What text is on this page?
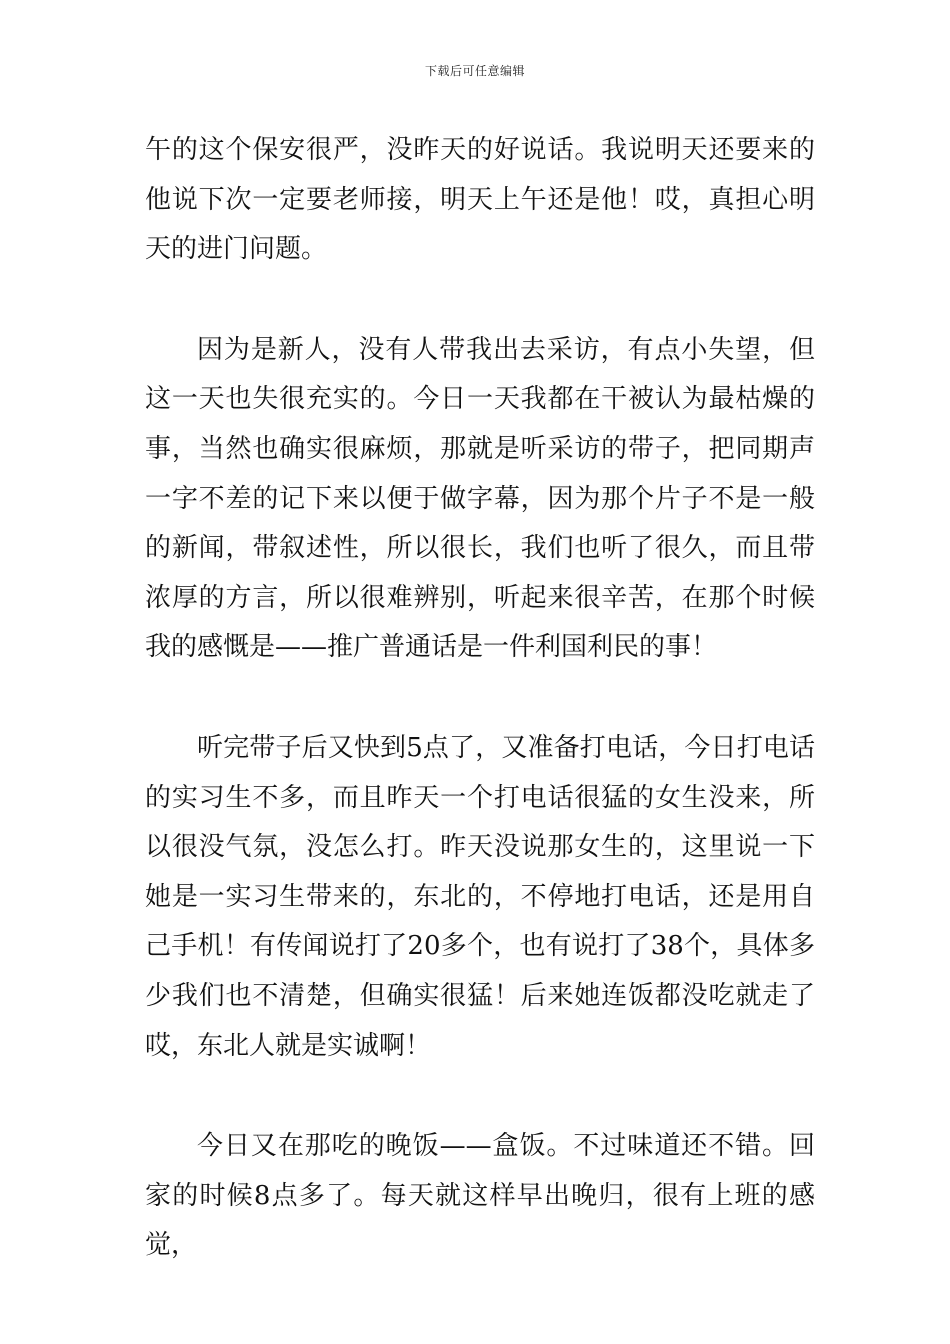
下载后可任意编辑

午的这个保安很严，没昨天的好说话。我说明天还要来的他说下次一定要老师接，明天上午还是他！哎，真担心明天的进门问题。

因为是新人，没有人带我出去采访，有点小失望，但这一天也失很充实的。今日一天我都在干被认为最枯燥的事，当然也确实很麻烦，那就是听采访的带子，把同期声一字不差的记下来以便于做字幕，因为那个片子不是一般的新闻，带叙述性，所以很长，我们也听了很久，而且带浓厚的方言，所以很难辨别，听起来很辛苦，在那个时候我的感慨是——推广普通话是一件利国利民的事！

听完带子后又快到5点了，又准备打电话，今日打电话的实习生不多，而且昨天一个打电话很猛的女生没来，所以很没气氛，没怎么打。昨天没说那女生的，这里说一下她是一实习生带来的，东北的，不停地打电话，还是用自己手机！有传闻说打了20多个，也有说打了38个，具体多少我们也不清楚，但确实很猛！后来她连饭都没吃就走了哎，东北人就是实诚啊！

今日又在那吃的晚饭——盒饭。不过味道还不错。回家的时候8点多了。每天就这样早出晚归，很有上班的感觉，
